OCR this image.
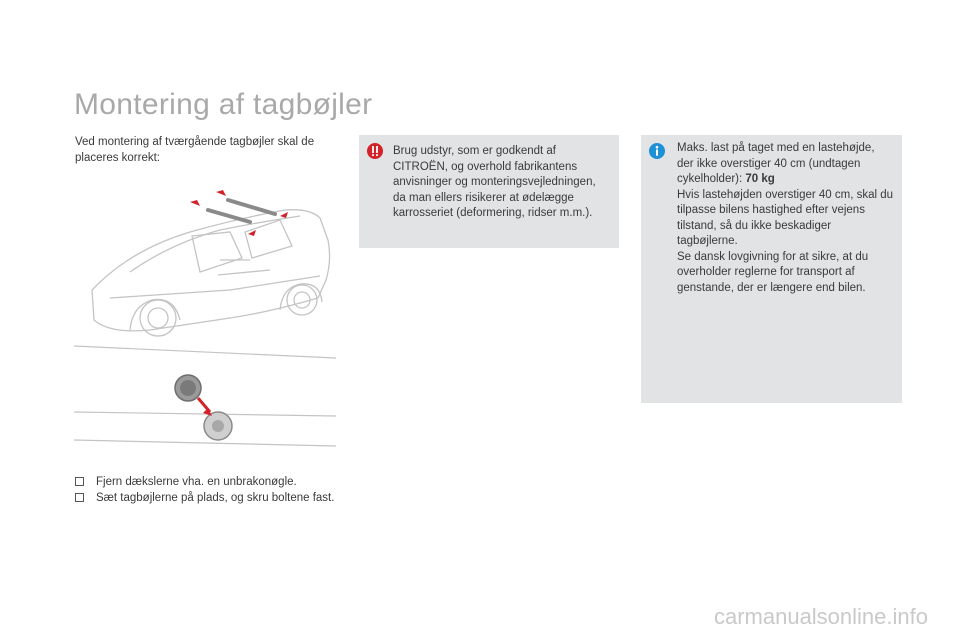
Montering af tagbøjler
Ved montering af tværgående tagbøjler skal de placeres korrekt:
Fjern dækslerne vha. en unbrakonøgle.
Sæt tagbøjlerne på plads, og skru boltene fast.
Brug udstyr, som er godkendt af CITROËN, og overhold fabrikantens anvisninger og monteringsvejledningen, da man ellers risikerer at ødelægge karrosseriet (deformering, ridser m.m.).

Maks. last på taget med en lastehøjde, der ikke overstiger 40 cm (undtagen cykelholder): 70 kg

Hvis lastehøjden overstiger 40 cm, skal du tilpasse bilens hastighed efter vejens tilstand, så du ikke beskadiger tagbøjlerne.

Se dansk lovgivning for at sikre, at du overholder reglerne for transport af genstande, der er længere end bilen.

carmanualsonline.info
